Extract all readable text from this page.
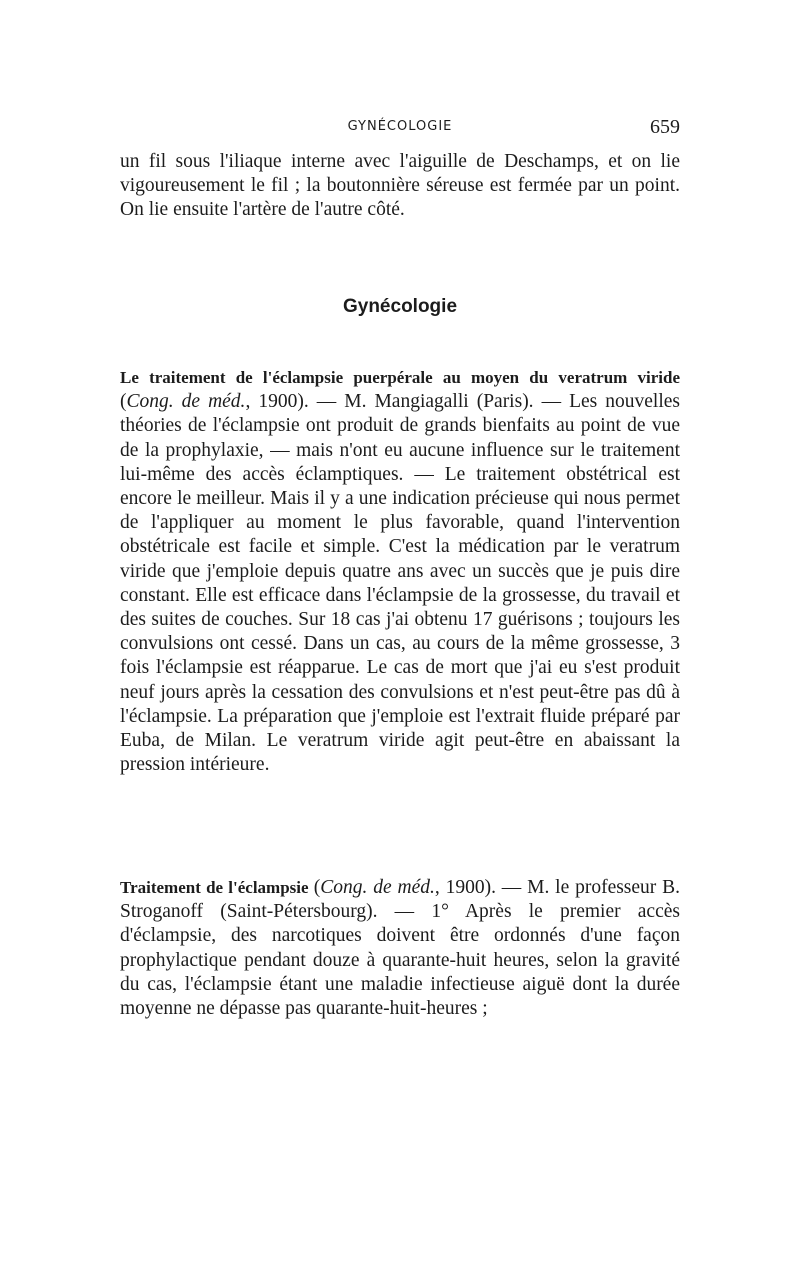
GYNÉCOLOGIE	659

un fil sous l'iliaque interne avec l'aiguille de Deschamps, et on lie vigoureusement le fil ; la boutonnière séreuse est fermée par un point. On lie ensuite l'artère de l'autre côté.

Gynécologie

Le traitement de l'éclampsie puerpérale au moyen du veratrum viride(Cong. de méd., 1900). — M. Mangiagalli (Paris). — Les nouvelles théories de l'éclampsie ont produit de grands bienfaits au point de vue de la prophylaxie, — mais n'ont eu aucune influence sur le traitement lui-même des accès éclamptiques. — Le traitement obstétrical est encore le meilleur. Mais il y a une indication précieuse qui nous permet de l'appliquer au moment le plus favorable, quand l'intervention obstétricale est facile et simple. C'est la médication par le veratrum viride que j'emploie depuis quatre ans avec un succès que je puis dire constant. Elle est efficace dans l'éclampsie de la grossesse, du travail et des suites de couches. Sur 18 cas j'ai obtenu 17 guérisons ; toujours les convulsions ont cessé. Dans un cas, au cours de la même grossesse, 3 fois l'éclampsie est réapparue. Le cas de mort que j'ai eu s'est produit neuf jours après la cessation des convulsions et n'est peut-être pas dû à l'éclampsie. La préparation que j'emploie est l'extrait fluide préparé par Euba, de Milan. Le veratrum viride agit peut-être en abaissant la pression intérieure.

Traitement de l'éclampsie (Cong. de méd., 1900). — M. le professeur B. Stroganoff (Saint-Pétersbourg). — 1° Après le premier accès d'éclampsie, des narcotiques doivent être ordonnés d'une façon prophylactique pendant douze à quarante-huit heures, selon la gravité du cas, l'éclampsie étant une maladie infectieuse aiguë dont la durée moyenne ne dépasse pas quarante-huit-heures ;
